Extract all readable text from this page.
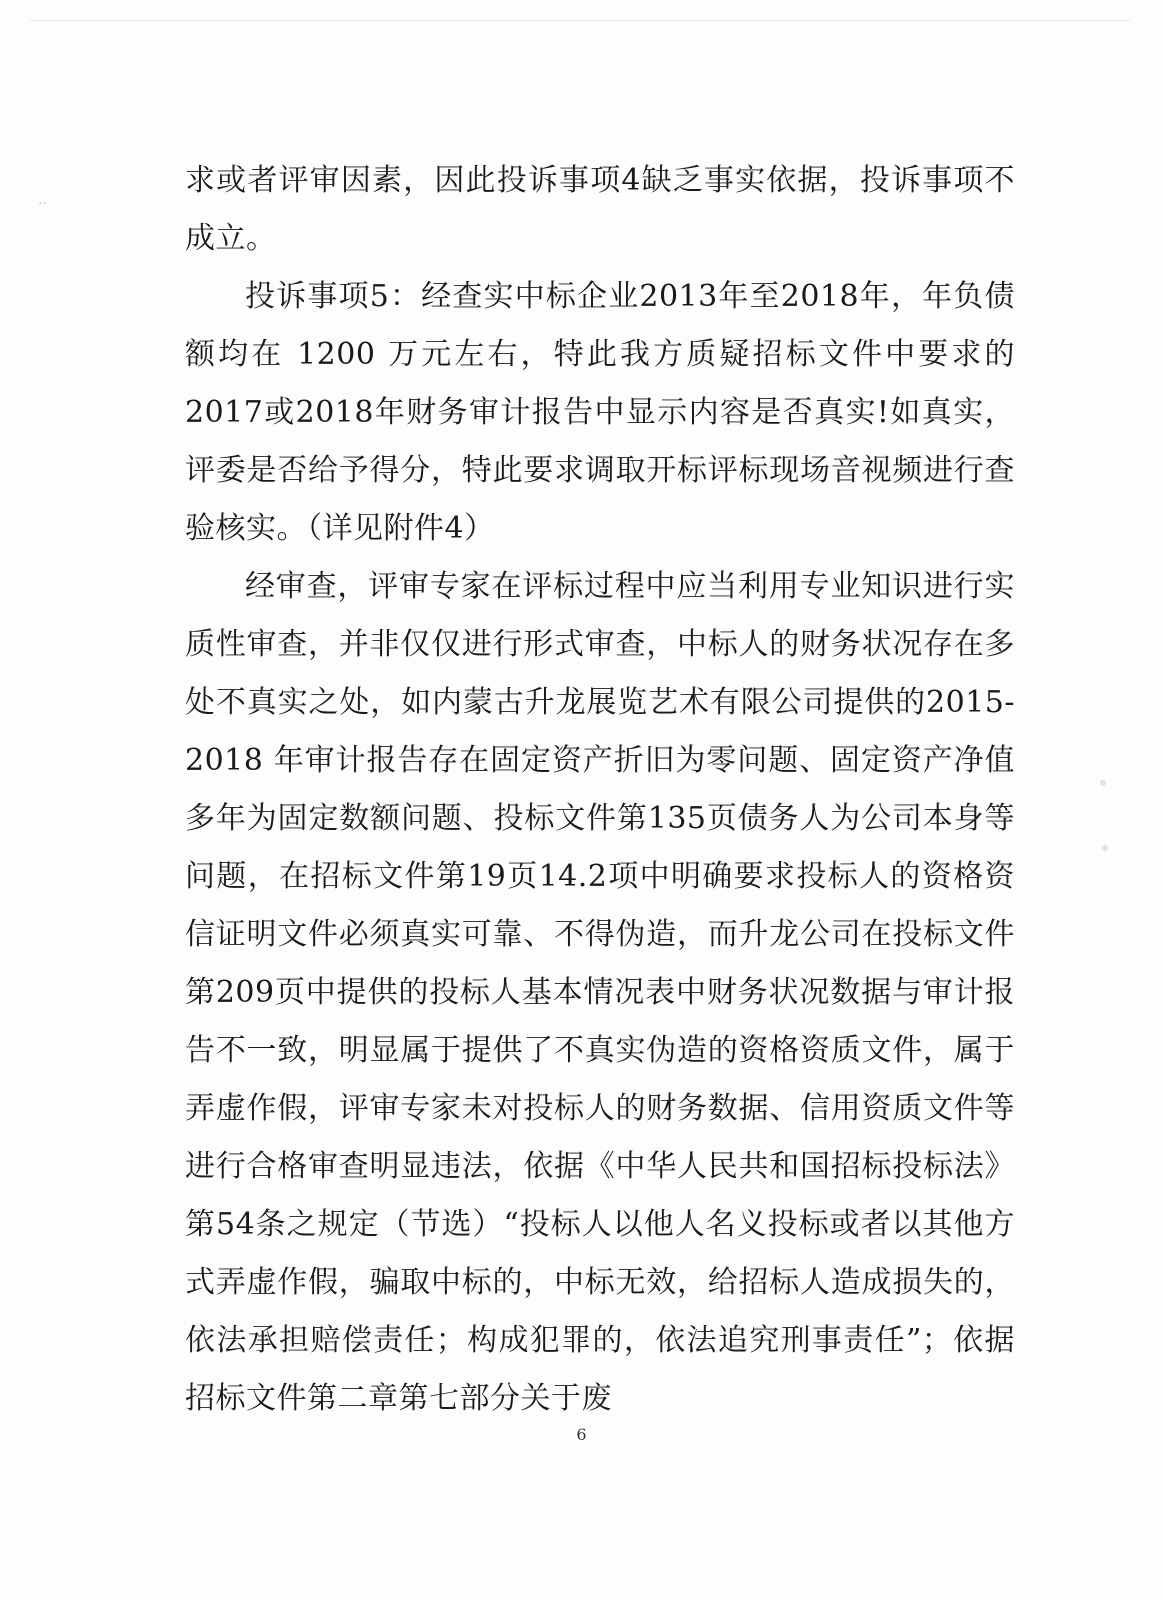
··

求或者评审因素，因此投诉事项4缺乏事实依据，投诉事项不成立。

投诉事项5：经查实中标企业2013年至2018年，年负债额均在 1200 万元左右，特此我方质疑招标文件中要求的2017或2018年财务审计报告中显示内容是否真实!如真实，评委是否给予得分，特此要求调取开标评标现场音视频进行查验核实。（详见附件4）

经审查，评审专家在评标过程中应当利用专业知识进行实质性审查，并非仅仅进行形式审查，中标人的财务状况存在多处不真实之处，如内蒙古升龙展览艺术有限公司提供的2015-2018 年审计报告存在固定资产折旧为零问题、固定资产净值多年为固定数额问题、投标文件第135页债务人为公司本身等问题，在招标文件第19页14.2项中明确要求投标人的资格资信证明文件必须真实可靠、不得伪造，而升龙公司在投标文件第209页中提供的投标人基本情况表中财务状况数据与审计报告不一致，明显属于提供了不真实伪造的资格资质文件，属于弄虚作假，评审专家未对投标人的财务数据、信用资质文件等进行合格审查明显违法，依据《中华人民共和国招标投标法》第54条之规定（节选）“投标人以他人名义投标或者以其他方式弄虚作假，骗取中标的，中标无效，给招标人造成损失的，依法承担赔偿责任；构成犯罪的，依法追究刑事责任”；依据招标文件第二章第七部分关于废

6
